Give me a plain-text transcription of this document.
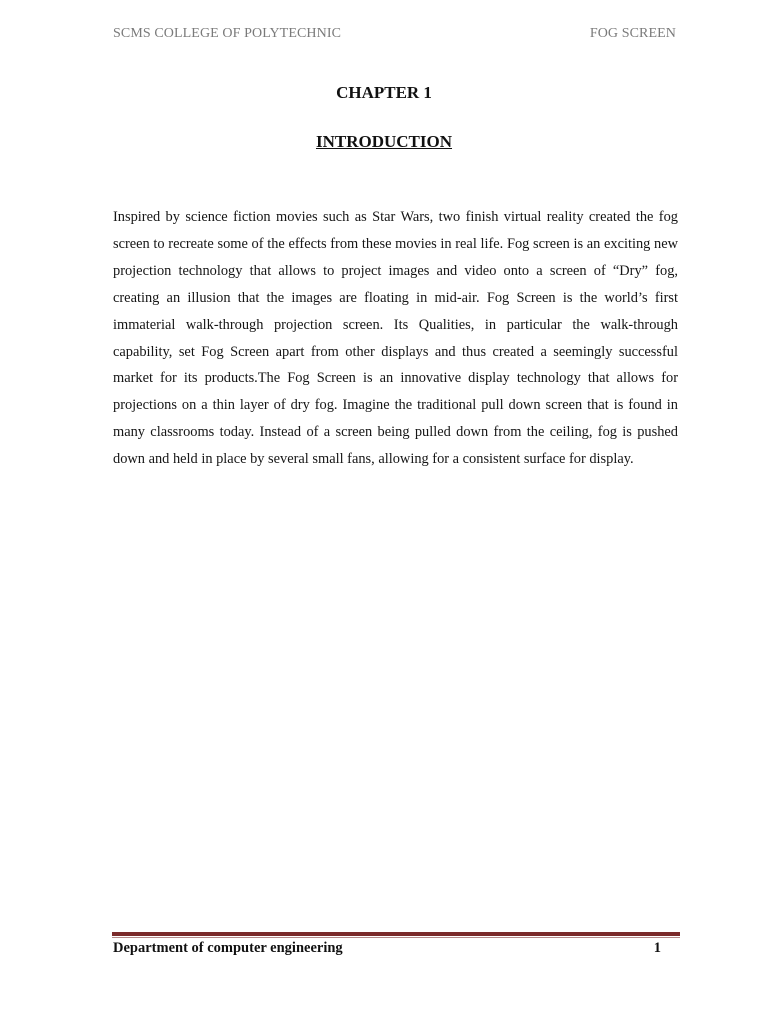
SCMS COLLEGE OF POLYTECHNIC	FOG SCREEN
CHAPTER 1
INTRODUCTION

Inspired by science fiction movies such as Star Wars, two finish virtual reality created the fog screen to recreate some of the effects from these movies in real life. Fog screen is an exciting new projection technology that allows to project images and video onto a screen of “Dry” fog, creating an illusion that the images are floating in mid-air. Fog Screen is the world’s first immaterial walk-through projection screen. Its Qualities, in particular the walk-through capability, set Fog Screen apart from other displays and thus created a seemingly successful market for its products.The Fog Screen is an innovative display technology that allows for projections on a thin layer of dry fog. Imagine the traditional pull down screen that is found in many classrooms today. Instead of a screen being pulled down from the ceiling, fog is pushed down and held in place by several small fans, allowing for a consistent surface for display.

Department of computer engineering	1
